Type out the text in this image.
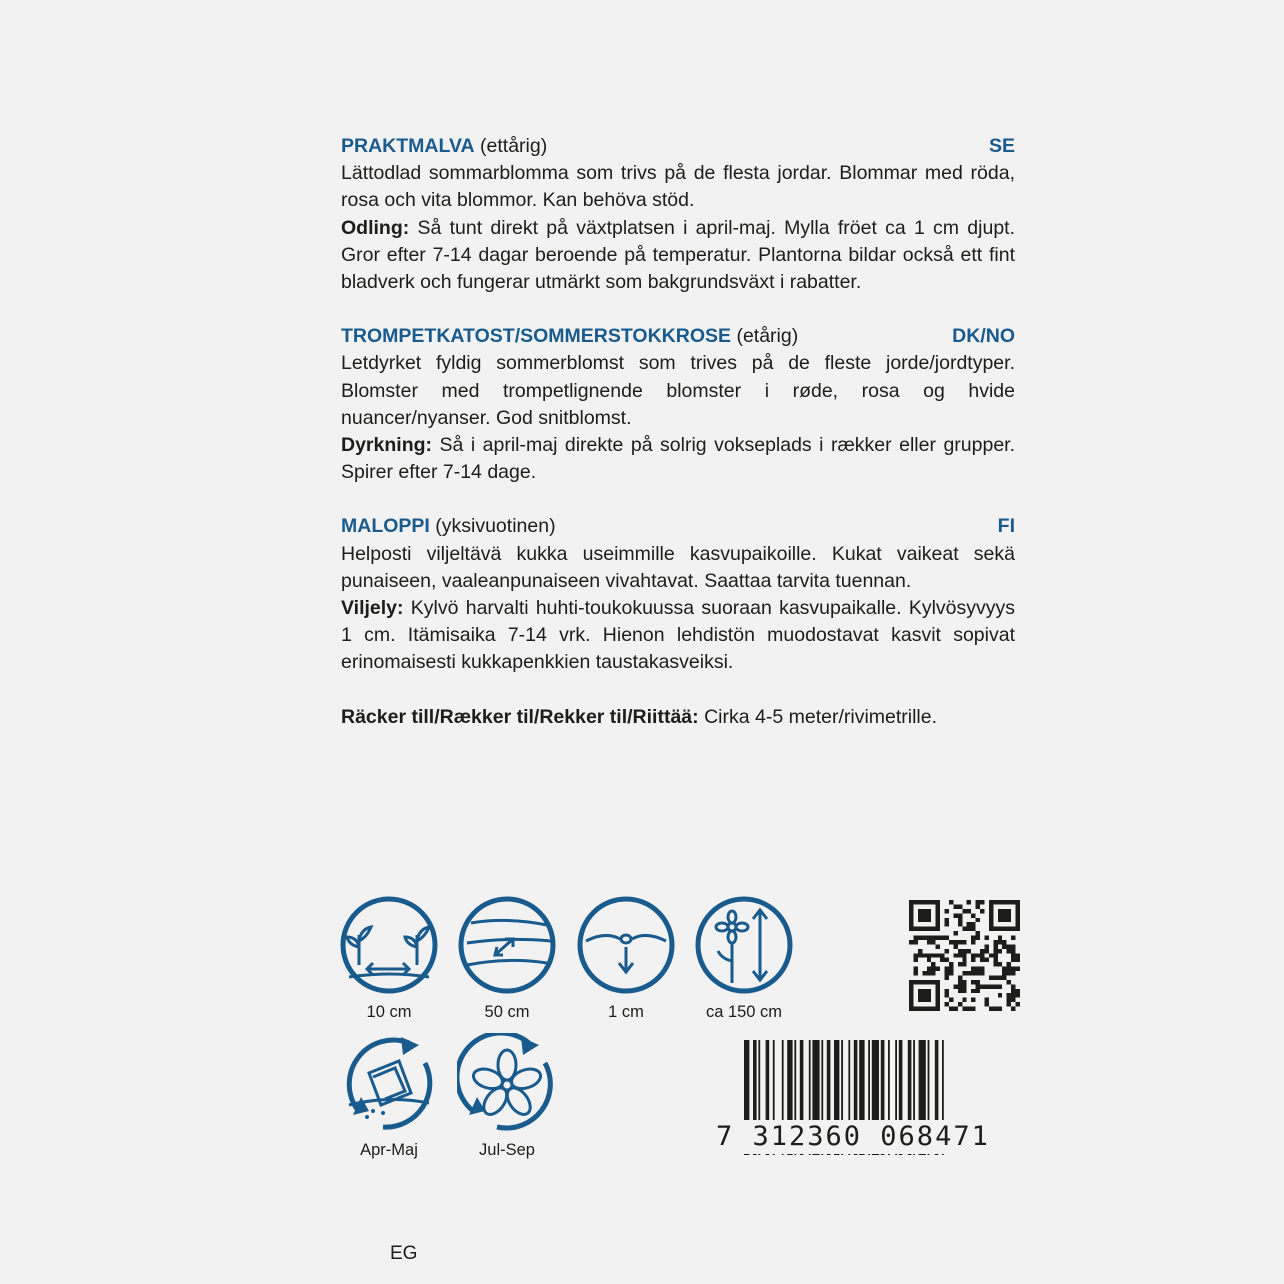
PRAKTMALVA (ettårig)	SE

Lättodlad sommarblomma som trivs på de flesta jordar. Blommar med röda, rosa och vita blommor. Kan behöva stöd.

Odling: Så tunt direkt på växtplatsen i april-maj. Mylla fröet ca 1 cm djupt. Gror efter 7-14 dagar beroende på temperatur. Plantorna bildar också ett fint bladverk och fungerar utmärkt som bakgrundsväxt i rabatter.

TROMPETKATOST/SOMMERSTOKKROSE (etårig)	DK/NO

Letdyrket fyldig sommerblomst som trives på de fleste jorde/jordtyper. Blomster med trompetlignende blomster i røde, rosa og hvide nuancer/nyanser. God snitblomst.

Dyrkning: Så i april-maj direkte på solrig vokseplads i rækker eller grupper. Spirer efter 7-14 dage.

MALOPPI (yksivuotinen)	FI

Helposti viljeltävä kukka useimmille kasvupaikoille. Kukat vaikeat sekä punaiseen, vaaleanpunaiseen vivahtavat. Saattaa tarvita tuennan.

Viljely: Kylvö harvalti huhti-toukokuussa suoraan kasvupaikalle. Kylvösyvyys 1 cm. Itämisaika 7-14 vrk. Hienon lehdistön muodostavat kasvit sopivat erinomaisesti kukkapenkkien taustakasveiksi.

Räcker till/Rækker til/Rekker til/Riittää: Cirka 4-5 meter/rivimetrille.

10 cm	50 cm	1 cm	ca 150 cm
Apr-Maj	Jul-Sep	7 312360 068471
EG
